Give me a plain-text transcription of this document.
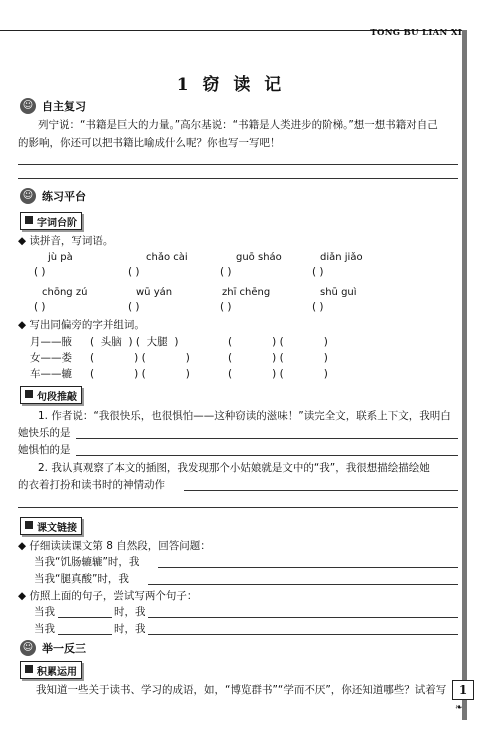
TONG BU LIAN XI
1 窃 读 记
☺ 自主复习
列宁说：“书籍是巨大的力量。”高尔基说：“书籍是人类进步的阶梯。”想一想书籍对自己
的影响，你还可以把书籍比喻成什么呢？你也写一写吧！
☺ 练习平台
字词台阶
◆ 读拼音，写词语。
jù pà	chǎo cài	guō sháo	diǎn jiǎo
( )	( )	( )	( )
chōng zú	wū yán	zhī chēng	shū guì
( )	( )	( )	( )
◆ 写出同偏旁的字并组词。
月——腋 (  头脑  ) (  大腿  )	(            ) (            )
女——娄 (            ) (            )	(            ) (            )
车——辘 (            ) (            )	(            ) (            )
句段推敲
1. 作者说：“我很快乐，也很惧怕——这种窃读的滋味！”读完全文，联系上下文，我明白
她快乐的是
她惧怕的是
2. 我认真观察了本文的插图，我发现那个小姑娘就是文中的“我”，我很想描绘描绘她
的衣着打扮和读书时的神情动作
课文链接
◆ 仔细读读课文第 8 自然段，回答问题：
当我“饥肠辘辘”时，我
当我“腿真酸”时，我
◆ 仿照上面的句子，尝试写两个句子：
当我	时，我
当我	时，我
☺ 举一反三
积累运用
我知道一些关于读书、学习的成语，如，“博览群书”“学而不厌”，你还知道哪些？试着写	1
❧
